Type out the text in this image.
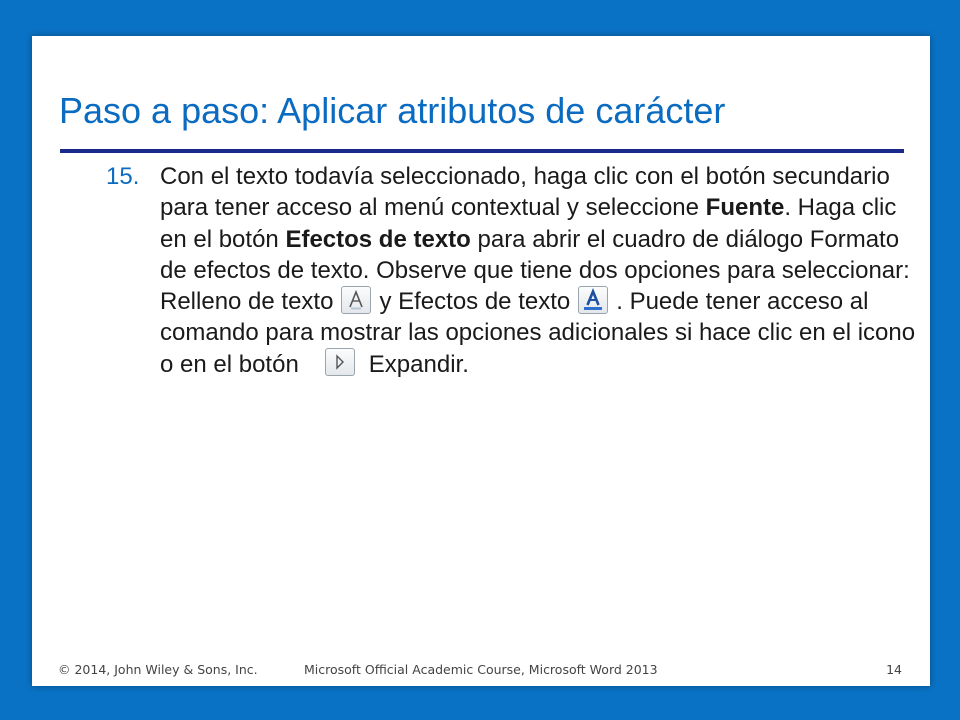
Paso a paso: Aplicar atributos de carácter
15. Con el texto todavía seleccionado, haga clic con el botón secundario para tener acceso al menú contextual y seleccione Fuente. Haga clic en el botón Efectos de texto para abrir el cuadro de diálogo Formato de efectos de texto. Observe que tiene dos opciones para seleccionar: Relleno de texto y Efectos de texto . Puede tener acceso al comando para mostrar las opciones adicionales si hace clic en el icono o en el botón	Expandir.
© 2014, John Wiley & Sons, Inc.	Microsoft Official Academic Course, Microsoft Word 2013	14
